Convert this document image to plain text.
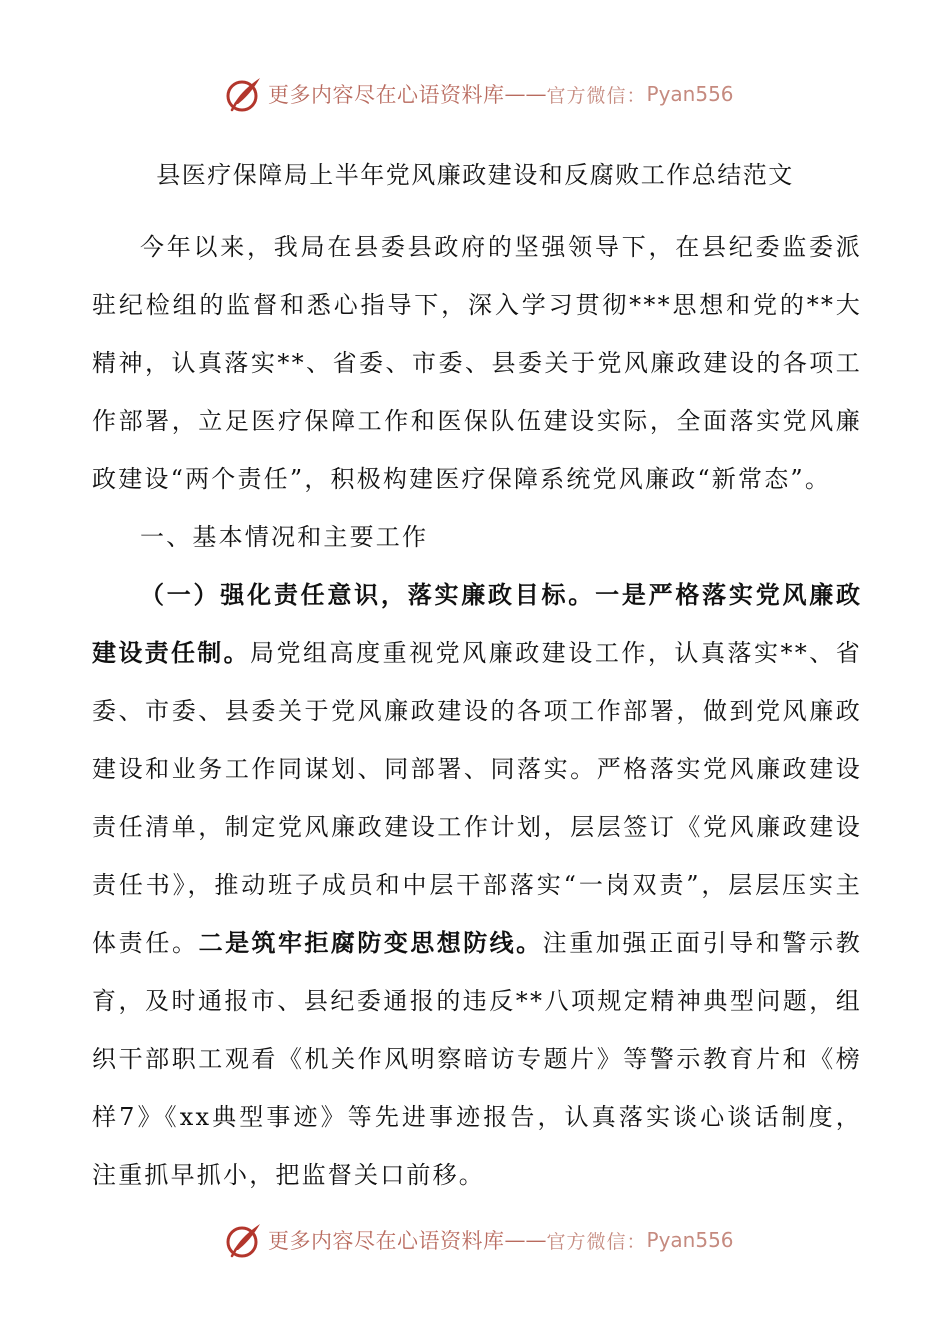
更多内容尽在心语资料库 —— 官方微信： Pyan556
县医疗保障局上半年党风廉政建设和反腐败工作总结范文

今年以来，我局在县委县政府的坚强领导下，在县纪委监委派驻纪检组的监督和悉心指导下，深入学习贯彻***思想和党的**大精神，认真落实**、省委、市委、县委关于党风廉政建设的各项工作部署，立足医疗保障工作和医保队伍建设实际，全面落实党风廉政建设“两个责任”，积极构建医疗保障系统党风廉政“新常态”。

一、基本情况和主要工作

（一）强化责任意识，落实廉政目标。一是严格落实党风廉政建设责任制。局党组高度重视党风廉政建设工作，认真落实**、省委、市委、县委关于党风廉政建设的各项工作部署，做到党风廉政建设和业务工作同谋划、同部署、同落实。严格落实党风廉政建设责任清单，制定党风廉政建设工作计划，层层签订《党风廉政建设责任书》，推动班子成员和中层干部落实“一岗双责”，层层压实主体责任。二是筑牢拒腐防变思想防线。注重加强正面引导和警示教育，及时通报市、县纪委通报的违反**八项规定精神典型问题，组织干部职工观看《机关作风明察暗访专题片》等警示教育片和《榜样7》《xx典型事迹》等先进事迹报告，认真落实谈心谈话制度，注重抓早抓小，把监督关口前移。

更多内容尽在心语资料库 —— 官方微信： Pyan556
